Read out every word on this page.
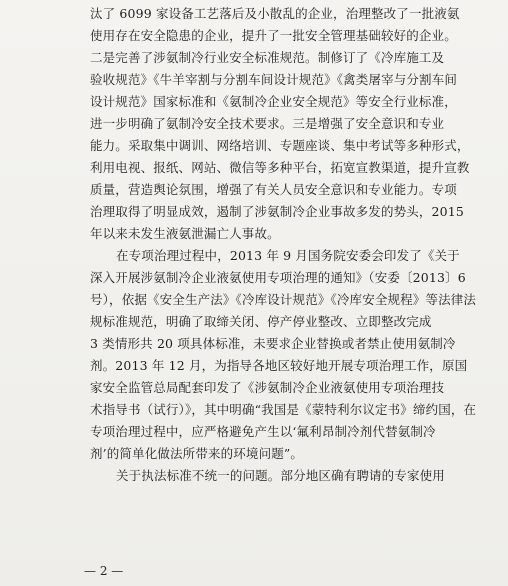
汰了 6099 家设备工艺落后及小散乱的企业，治理整改了一批液氨
使用存在安全隐患的企业，提升了一批安全管理基础较好的企业。
二是完善了涉氨制冷行业安全标准规范。制修订了《冷库施工及
验收规范》《牛羊宰割与分割车间设计规范》《禽类屠宰与分割车间
设计规范》国家标准和《氨制冷企业安全规范》等安全行业标准，
进一步明确了氨制冷安全技术要求。三是增强了安全意识和专业
能力。采取集中调训、网络培训、专题座谈、集中考试等多种形式，
利用电视、报纸、网站、微信等多种平台，拓宽宣教渠道，提升宣教
质量，营造舆论氛围，增强了有关人员安全意识和专业能力。专项
治理取得了明显成效，遏制了涉氨制冷企业事故多发的势头，2015
年以来未发生液氨泄漏亡人事故。
在专项治理过程中，2013 年 9 月国务院安委会印发了《关于
深入开展涉氨制冷企业液氨使用专项治理的通知》（安委〔2013〕6
号），依据《安全生产法》《冷库设计规范》《冷库安全规程》等法律法
规标准规范，明确了取缔关闭、停产停业整改、立即整改完成
3 类情形共 20 项具体标准，未要求企业替换或者禁止使用氨制冷
剂。2013 年 12 月，为指导各地区较好地开展专项治理工作，原国
家安全监管总局配套印发了《涉氨制冷企业液氨使用专项治理技
术指导书（试行）》，其中明确“我国是《蒙特利尔议定书》缔约国，在
专项治理过程中，应严格避免产生以‘氟利昂制冷剂代替氨制冷
剂’的简单化做法所带来的环境问题”。
关于执法标准不统一的问题。部分地区确有聘请的专家使用
— 2 —
